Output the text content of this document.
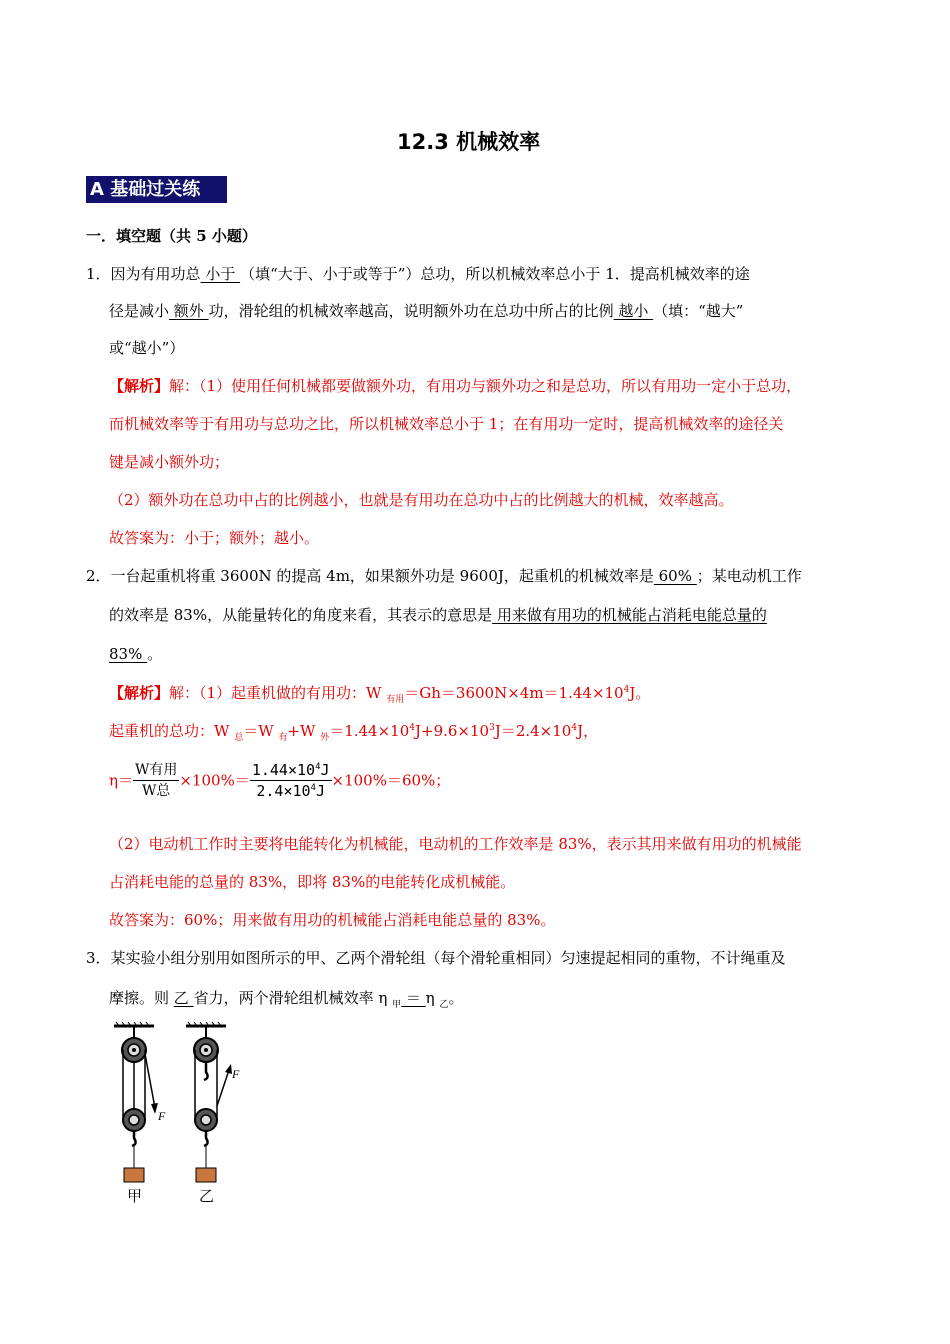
12.3 机械效率
A 基础过关练
一．填空题（共 5 小题）
1．因为有用功总 小于 （填“大于、小于或等于”）总功，所以机械效率总小于 1．提高机械效率的途
径是减小 额外 功，滑轮组的机械效率越高，说明额外功在总功中所占的比例 越小 （填：“越大”
或“越小”）
【解析】解：（1）使用任何机械都要做额外功，有用功与额外功之和是总功，所以有用功一定小于总功，
而机械效率等于有用功与总功之比，所以机械效率总小于 1；在有用功一定时，提高机械效率的途径关
键是减小额外功；
（2）额外功在总功中占的比例越小，也就是有用功在总功中占的比例越大的机械，效率越高。
故答案为：小于；额外；越小。
2．一台起重机将重 3600N 的提高 4m，如果额外功是 9600J，起重机的机械效率是 60% ；某电动机工作
的效率是 83%，从能量转化的角度来看，其表示的意思是 用来做有用功的机械能占消耗电能总量的
83% 。
【解析】解：（1）起重机做的有用功：W $_{有用}=Gh=3600N\times 4m=1.44\times 10^4J$。
起重机的总功：W $_总$＝W $_有$+W $_外=1.44\times 10^4J+9.6\times 10^3J=2.4\times 10^4J$，
$\eta= \frac{\text{W有用}}{\text{W总}} \times 100\%= \frac{1.44\times 10^4J}{2.4\times 10^4J} \times 100\%=60\%$；
（2）电动机工作时主要将电能转化为机械能，电动机的工作效率是 83%，表示其用来做有用功的机械能
占消耗电能的总量的 83%，即将 83%的电能转化成机械能。
故答案为：60%；用来做有用功的机械能占消耗电能总量的 83%。
3．某实验小组分别用如图所示的甲、乙两个滑轮组（每个滑轮重相同）匀速提起相同的重物，不计绳重及
摩擦。则 乙 省力，两个滑轮组机械效率 η $_甲$ ＝ η $_乙$。
F
甲
F
乙
